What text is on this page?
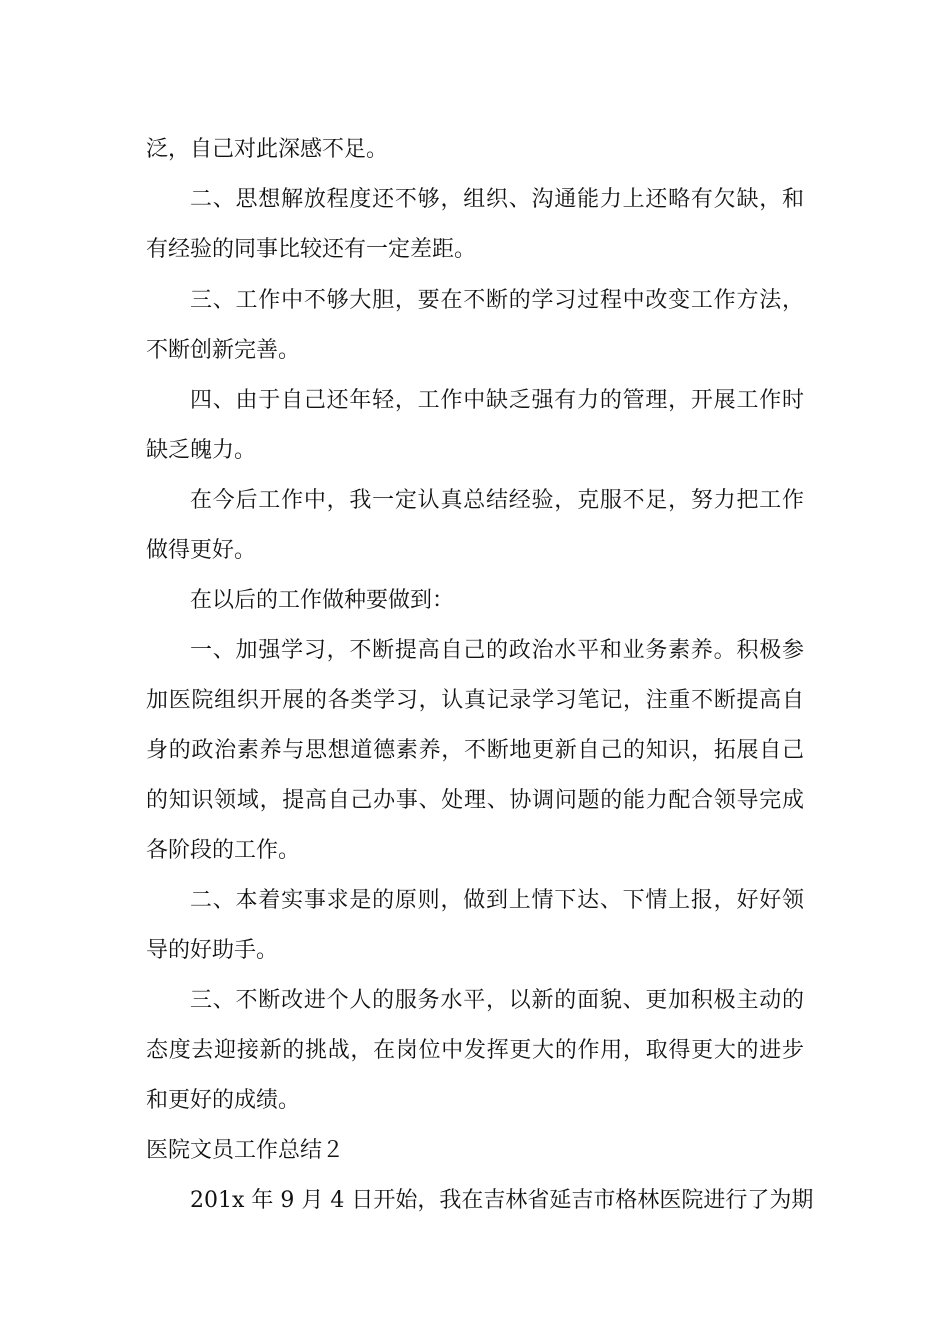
泛，自己对此深感不足。

二、思想解放程度还不够，组织、沟通能力上还略有欠缺，和

有经验的同事比较还有一定差距。

三、工作中不够大胆，要在不断的学习过程中改变工作方法，

不断创新完善。

四、由于自己还年轻，工作中缺乏强有力的管理，开展工作时

缺乏魄力。

在今后工作中，我一定认真总结经验，克服不足，努力把工作

做得更好。

在以后的工作做种要做到：

一、加强学习，不断提高自己的政治水平和业务素养。积极参

加医院组织开展的各类学习，认真记录学习笔记，注重不断提高自

身的政治素养与思想道德素养，不断地更新自己的知识，拓展自己

的知识领域，提高自己办事、处理、协调问题的能力配合领导完成

各阶段的工作。

二、本着实事求是的原则，做到上情下达、下情上报，好好领

导的好助手。

三、不断改进个人的服务水平，以新的面貌、更加积极主动的

态度去迎接新的挑战，在岗位中发挥更大的作用，取得更大的进步

和更好的成绩。

医院文员工作总结２

201x 年 9 月 4 日开始，我在吉林省延吉市格林医院进行了为期
